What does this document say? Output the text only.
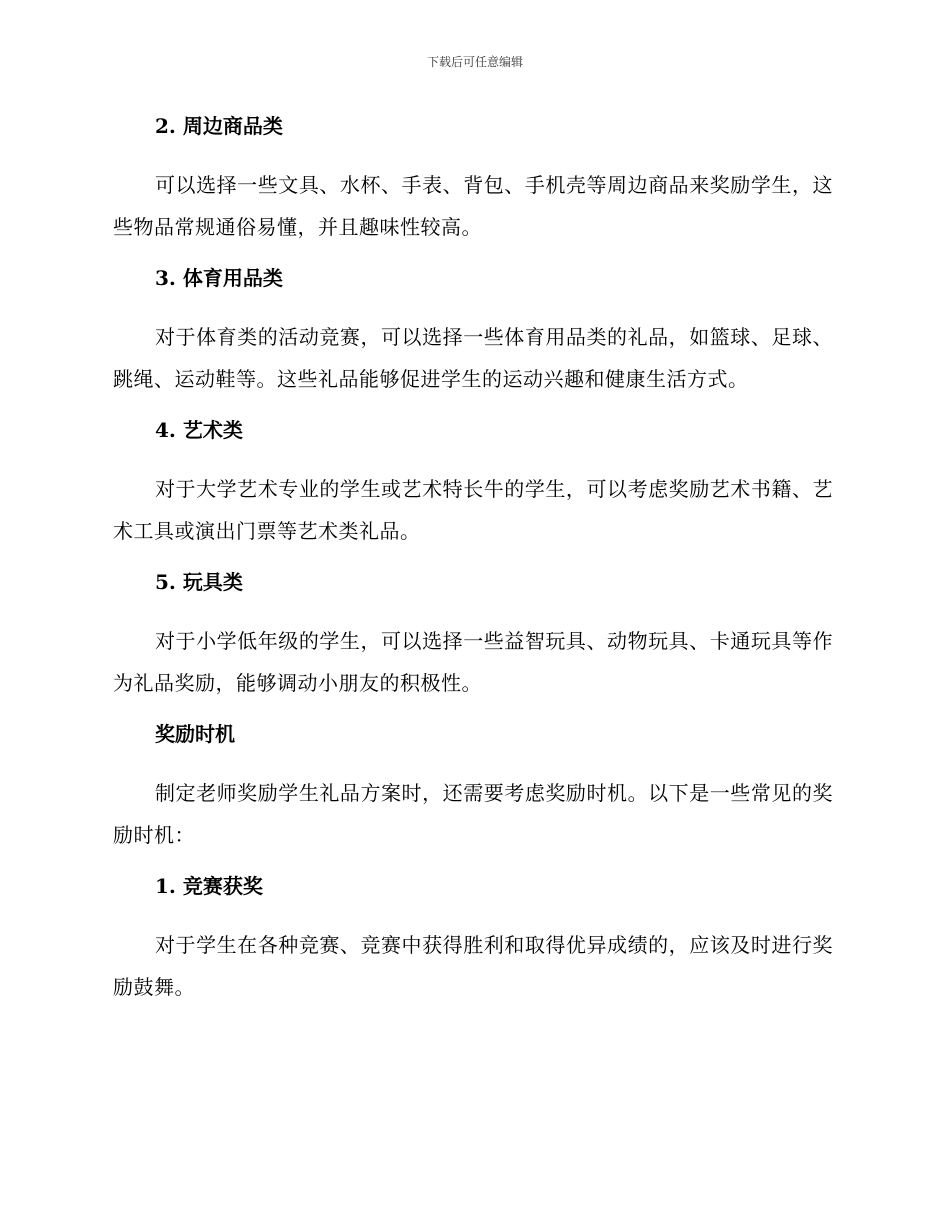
下载后可任意编辑

2. 周边商品类

可以选择一些文具、水杯、手表、背包、手机壳等周边商品来奖励学生，这些物品常规通俗易懂，并且趣味性较高。

3. 体育用品类

对于体育类的活动竞赛，可以选择一些体育用品类的礼品，如篮球、足球、跳绳、运动鞋等。这些礼品能够促进学生的运动兴趣和健康生活方式。

4. 艺术类

对于大学艺术专业的学生或艺术特长牛的学生，可以考虑奖励艺术书籍、艺术工具或演出门票等艺术类礼品。

5. 玩具类

对于小学低年级的学生，可以选择一些益智玩具、动物玩具、卡通玩具等作为礼品奖励，能够调动小朋友的积极性。

奖励时机

制定老师奖励学生礼品方案时，还需要考虑奖励时机。以下是一些常见的奖励时机：

1. 竞赛获奖

对于学生在各种竞赛、竞赛中获得胜利和取得优异成绩的，应该及时进行奖励鼓舞。
